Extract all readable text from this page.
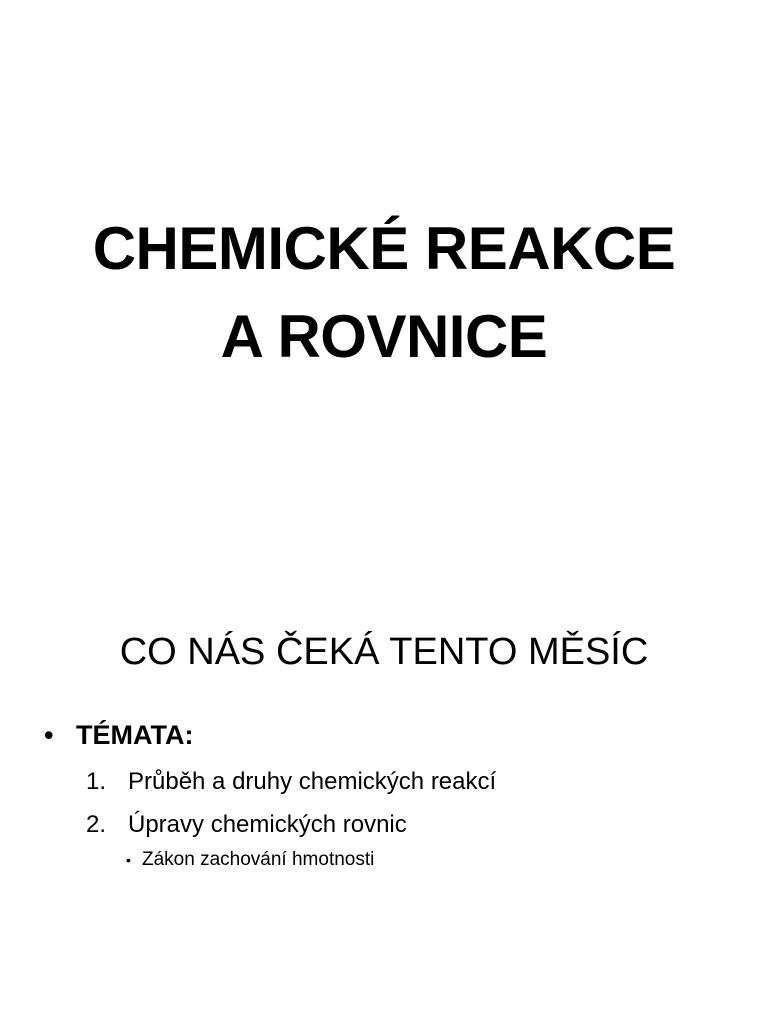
CHEMICKÉ REAKCE
A ROVNICE
CO NÁS ČEKÁ TENTO MĚSÍC
• TÉMATA:
1. Průběh a druhy chemických reakcí
2. Úpravy chemických rovnic
• Zákon zachování hmotnosti
